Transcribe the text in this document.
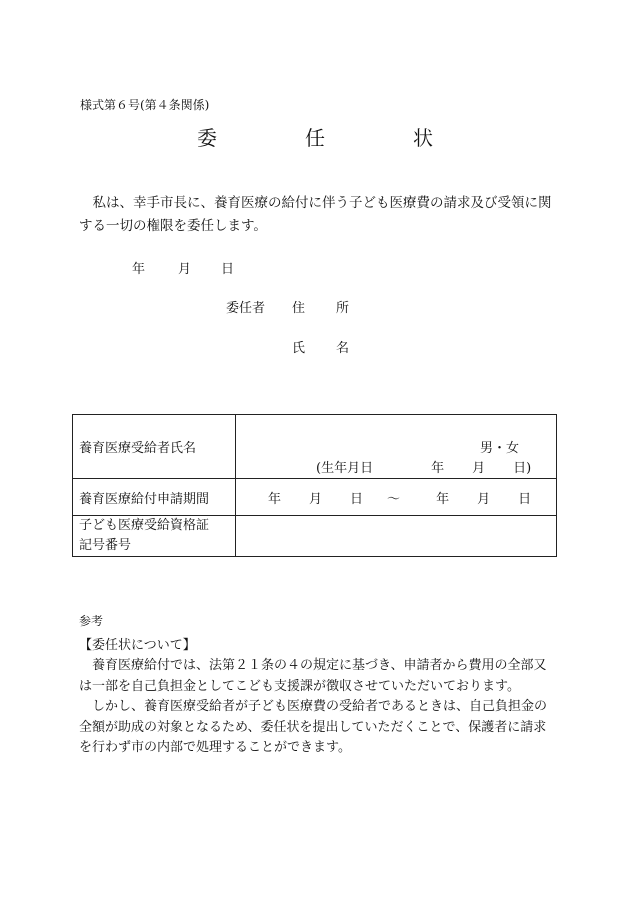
様式第６号(第４条関係)
委　任　状

私は、幸手市長に、養育医療の給付に伴う子ども医療費の請求及び受領に関する一切の権限を委任します。

年	月 日
委任者 住　所
氏　名
養育医療受給者氏名	男・女
(生年月日 年 月 日)

養育医療給付申請期間	年 月 日 ～ 年 月 日

子ども医療受給資格証
記号番号	

参考
【委任状について】

養育医療給付では、法第２１条の４の規定に基づき、申請者から費用の全部又は一部を自己負担金としてこども支援課が徴収させていただいております。

しかし、養育医療受給者が子ども医療費の受給者であるときは、自己負担金の全額が助成の対象となるため、委任状を提出していただくことで、保護者に請求を行わず市の内部で処理することができます。
